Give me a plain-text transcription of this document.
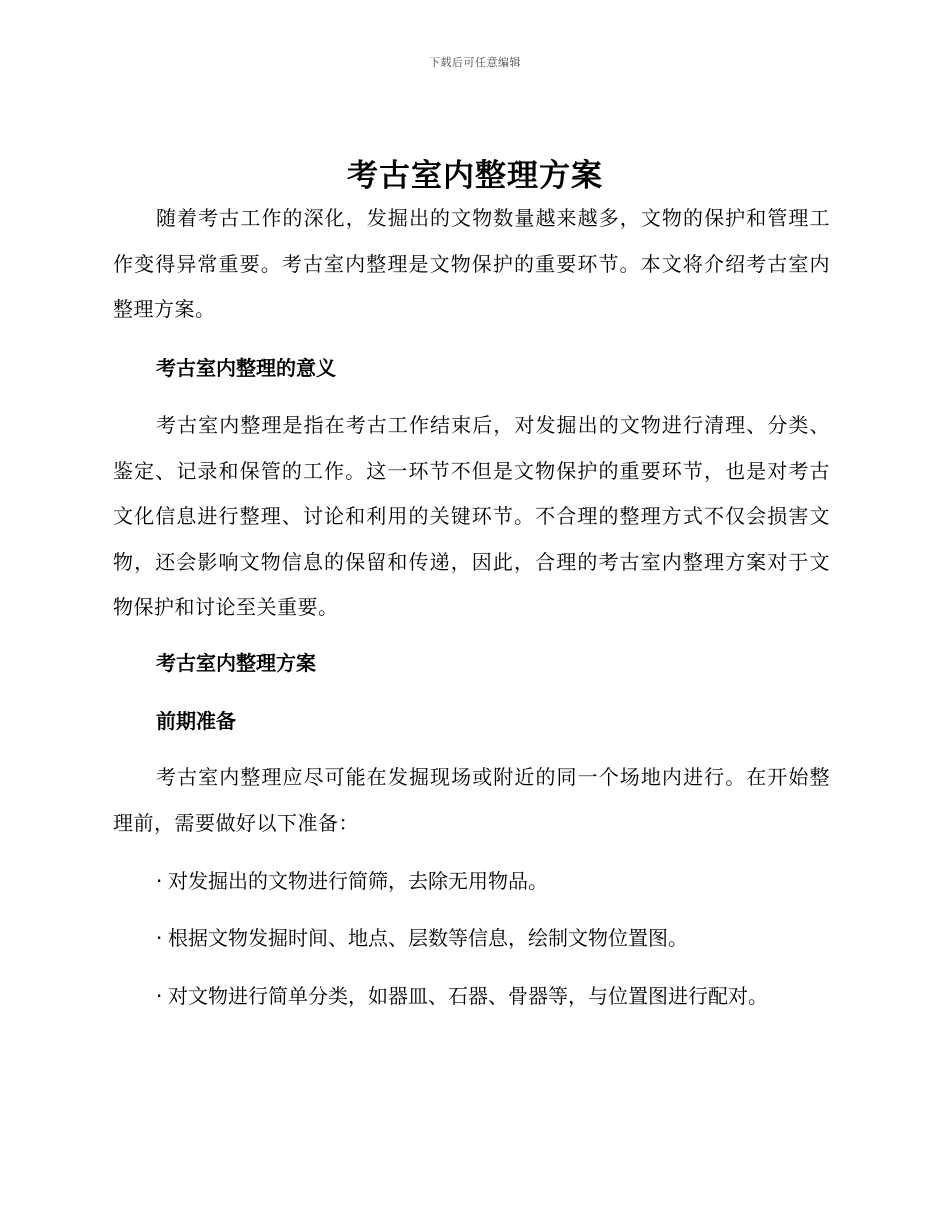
下载后可任意编辑
考古室内整理方案

随着考古工作的深化，发掘出的文物数量越来越多，文物的保护和管理工作变得异常重要。考古室内整理是文物保护的重要环节。本文将介绍考古室内整理方案。

考古室内整理的意义

考古室内整理是指在考古工作结束后，对发掘出的文物进行清理、分类、鉴定、记录和保管的工作。这一环节不但是文物保护的重要环节，也是对考古文化信息进行整理、讨论和利用的关键环节。不合理的整理方式不仅会损害文物，还会影响文物信息的保留和传递，因此，合理的考古室内整理方案对于文物保护和讨论至关重要。

考古室内整理方案
前期准备

考古室内整理应尽可能在发掘现场或附近的同一个场地内进行。在开始整理前，需要做好以下准备：

· 对发掘出的文物进行简筛，去除无用物品。

· 根据文物发掘时间、地点、层数等信息，绘制文物位置图。

· 对文物进行简单分类，如器皿、石器、骨器等，与位置图进行配对。
